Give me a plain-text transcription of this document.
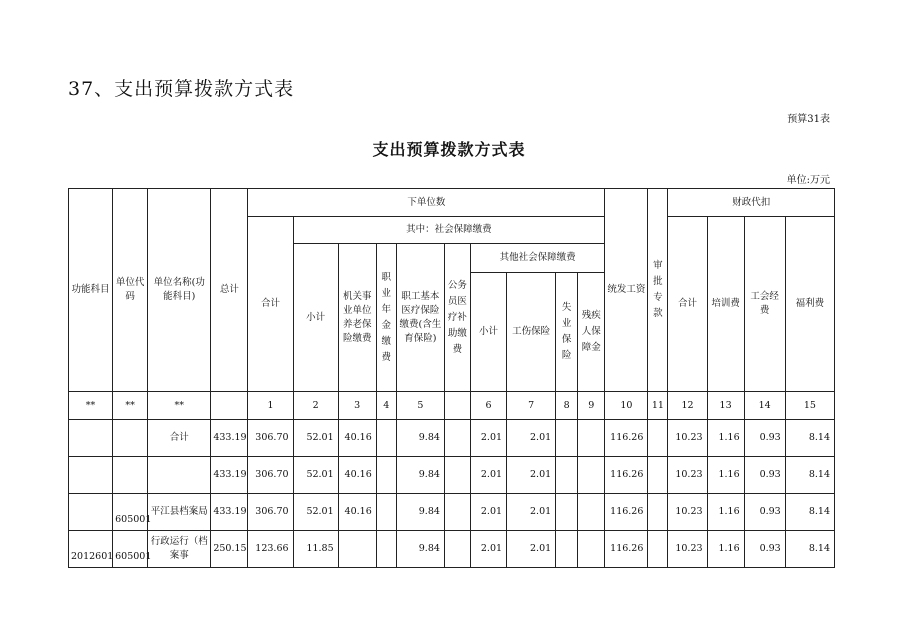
37、支出预算拨款方式表
预算31表
支出预算拨款方式表
单位:万元
功能科目	单位代码	单位名称(功能科目)	总计	下单位数										统发工资	审批专款	财政代扣			
				合计	其中：社会保障缴费											合计	培训费	工会经费	福利费
					小计	机关事业单位养老保险缴费	职业年金缴费	职工基本医疗保险缴费(含生育保险)	公务员医疗补助缴费	其他社会保障缴费									
										小计	工伤保险	失业保险	残疾人保障金						
**	**	**		1	2	3	4	5		6	7	8	9	10	11	12	13	14	15
		合计	433.19	306.70	52.01	40.16		9.84		2.01	2.01			116.26		10.23	1.16	0.93	8.14
			433.19	306.70	52.01	40.16		9.84		2.01	2.01			116.26		10.23	1.16	0.93	8.14
	605001	平江县档案局	433.19	306.70	52.01	40.16		9.84		2.01	2.01			116.26		10.23	1.16	0.93	8.14
2012601	605001	行政运行（档案事	250.15	123.66	11.85			9.84		2.01	2.01			116.26		10.23	1.16	0.93	8.14
